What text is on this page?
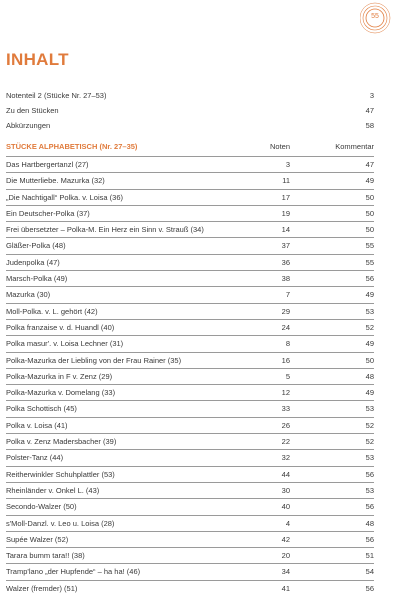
55
INHALT
Notenteil 2 (Stücke Nr. 27–53)	3
Zu den Stücken	47
Abkürzungen	58
STÜCKE ALPHABETISCH (Nr. 27–35)	Noten	Kommentar
Das Hartbergertanzl (27)	3	47
Die Mutterliebe. Mazurka (32)	11	49
„Die Nachtigall“ Polka. v. Loisa (36)	17	50
Ein Deutscher-Polka (37)	19	50
Frei übersetzter – Polka-M. Ein Herz ein Sinn v. Strauß (34)	14	50
Gläßer-Polka (48)	37	55
Judenpolka (47)	36	55
Marsch-Polka (49)	38	56
Mazurka (30)	7	49
Moll-Polka. v. L. gehört (42)	29	53
Polka franzaise v. d. Huandl (40)	24	52
Polka masur'. v. Loisa Lechner (31)	8	49
Polka-Mazurka der Liebling von der Frau Rainer (35)	16	50
Polka-Mazurka in F v. Zenz (29)	5	48
Polka-Mazurka v. Domelang (33)	12	49
Polka Schottisch (45)	33	53
Polka v. Loisa (41)	26	52
Polka v. Zenz Madersbacher (39)	22	52
Polster-Tanz (44)	32	53
Reitherwinkler Schuhplattler (53)	44	56
Rheinländer v. Onkel L. (43)	30	53
Secondo-Walzer (50)	40	56
s'Moll-Danzl. v. Leo u. Loisa (28)	4	48
Supée Walzer (52)	42	56
Tarara bumm tara!! (38)	20	51
Tramp'lano „der Hupfende“ – ha ha! (46)	34	54
Walzer (fremder) (51)	41	56
